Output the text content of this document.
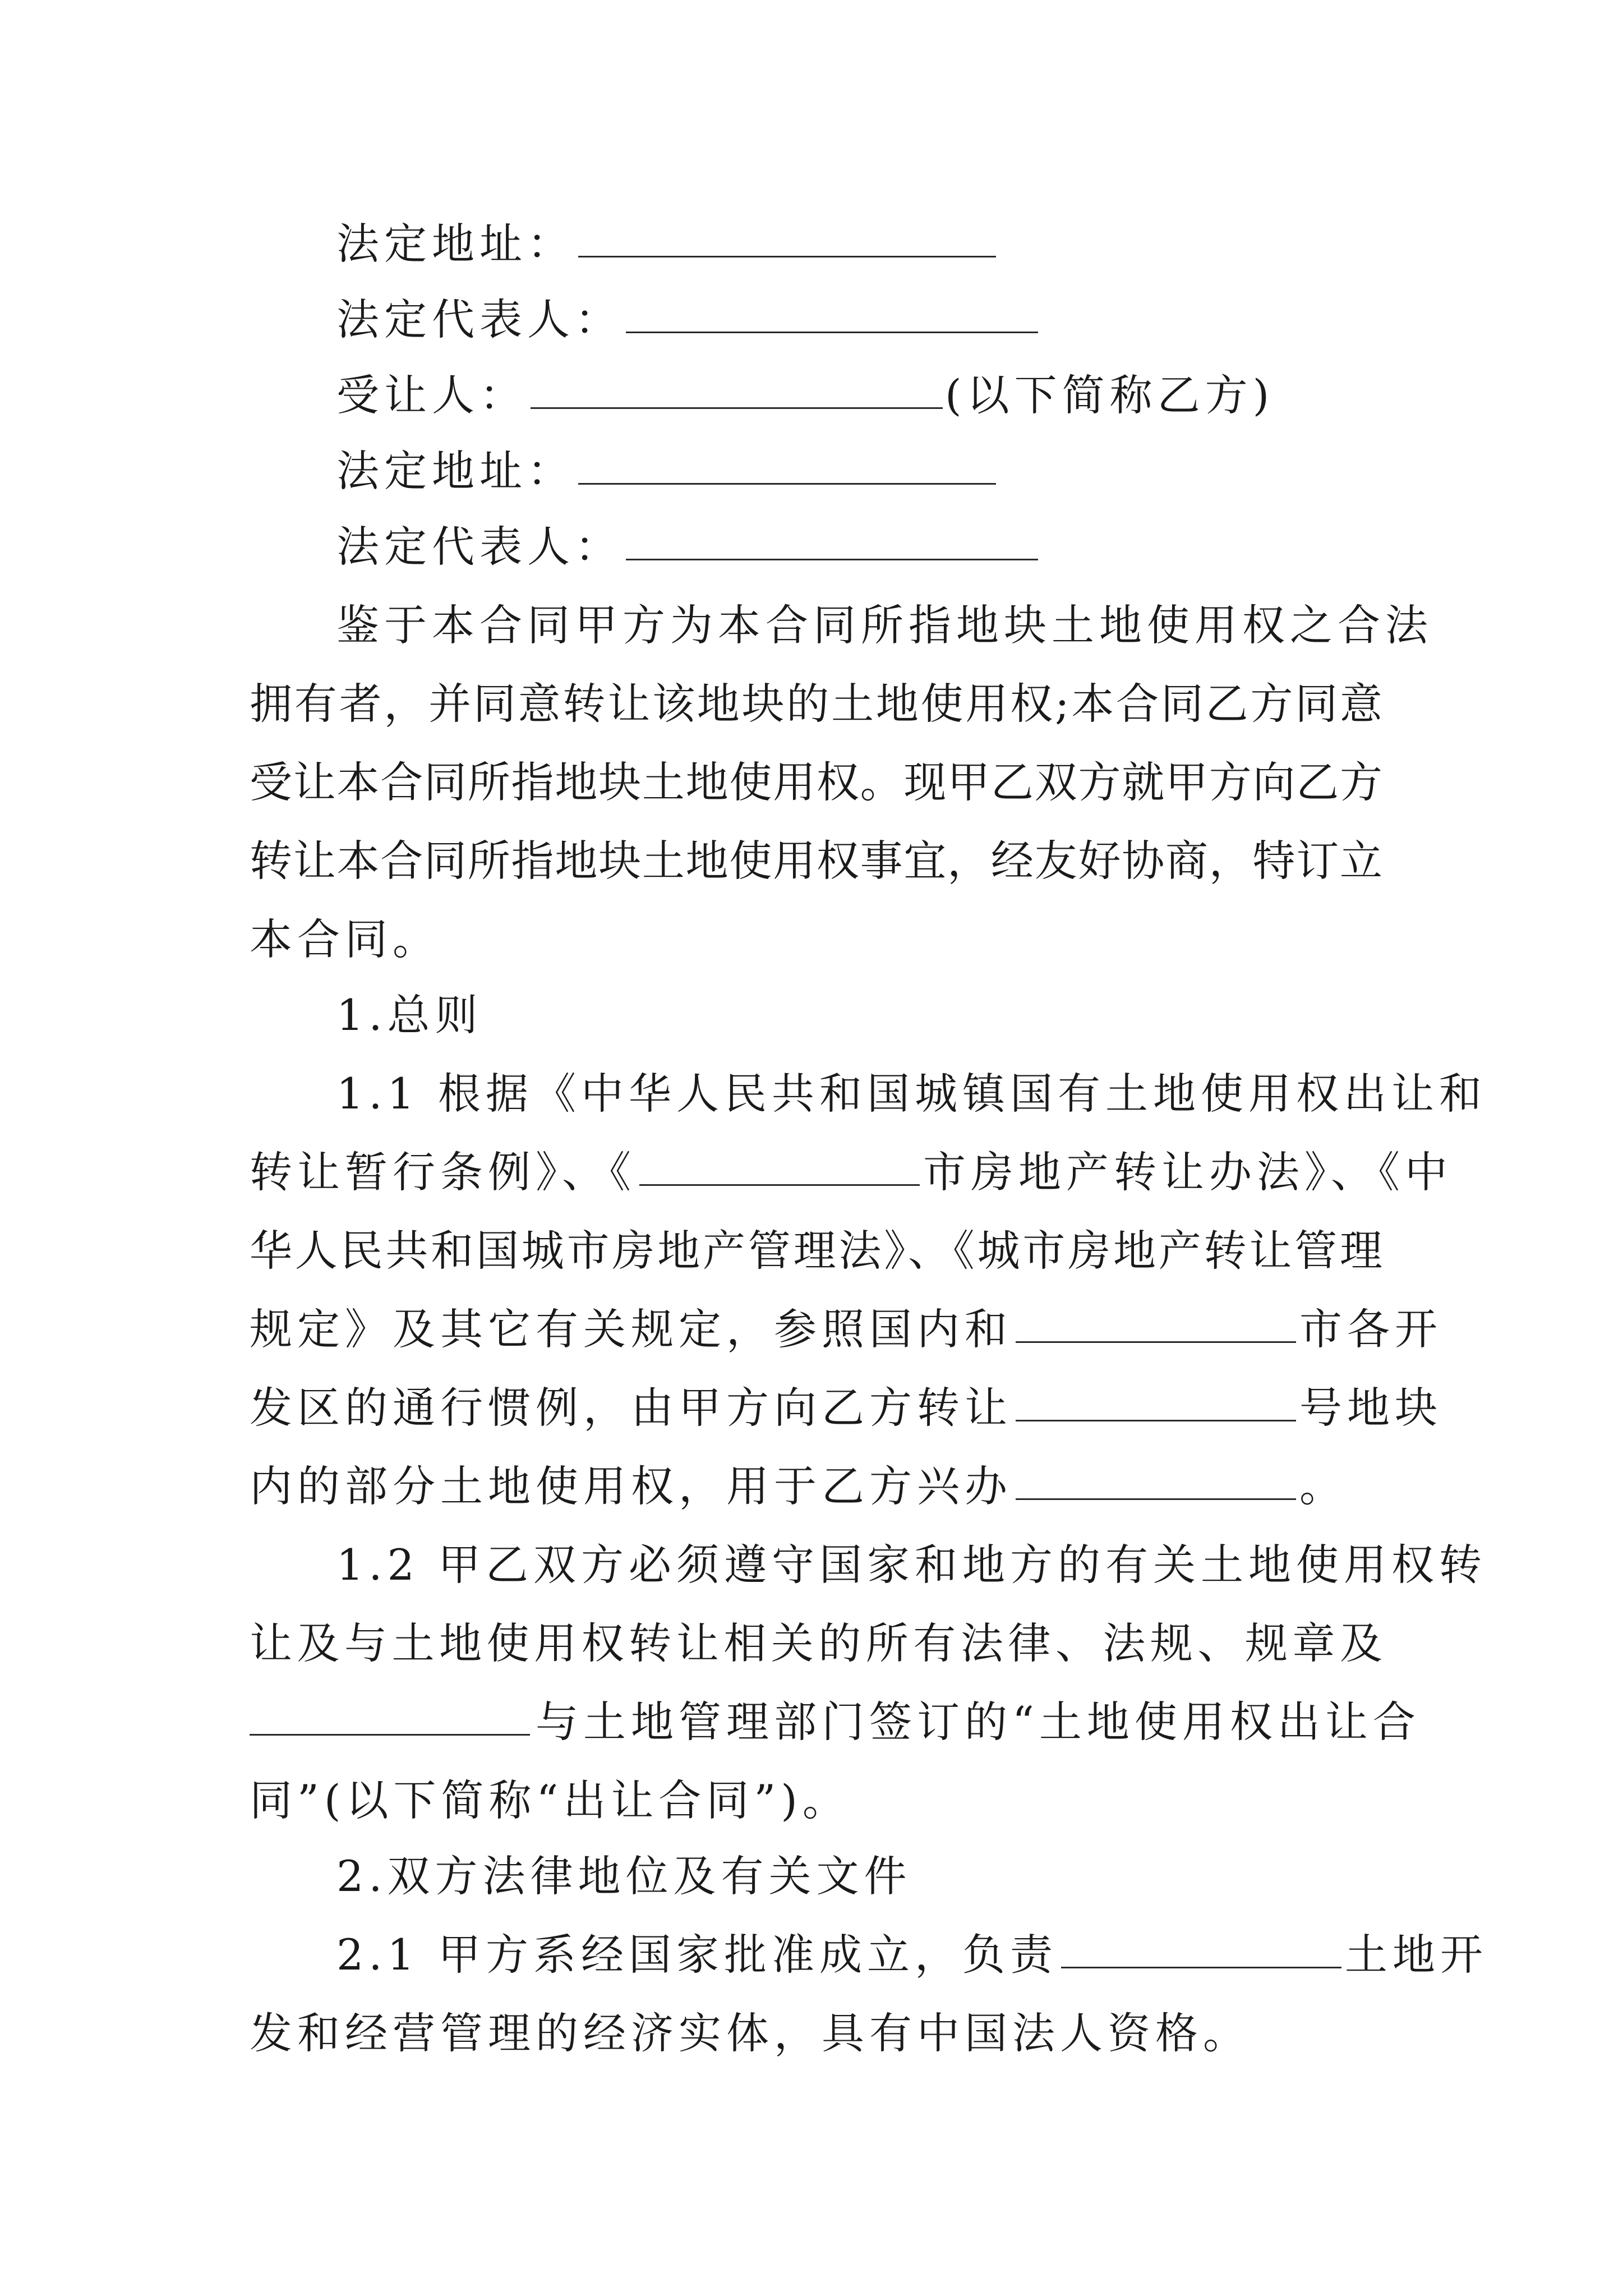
法定地址：

法定代表人：

受让人：	(以下简称乙方)

法定地址：

法定代表人：

鉴于本合同甲方为本合同所指地块土地使用权之合法

拥有者，并同意转让该地块的土地使用权;本合同乙方同意

受让本合同所指地块土地使用权。现甲乙双方就甲方向乙方

转让本合同所指地块土地使用权事宜，经友好协商，特订立

本合同。

1.总则

1.1 根据《中华人民共和国城镇国有土地使用权出让和

转让暂行条例》、《	市房地产转让办法》、《中

华人民共和国城市房地产管理法》、《城市房地产转让管理

规定》及其它有关规定，参照国内和	市各开

发区的通行惯例，由甲方向乙方转让	号地块

内的部分土地使用权，用于乙方兴办	。

1.2 甲乙双方必须遵守国家和地方的有关土地使用权转

让及与土地使用权转让相关的所有法律、法规、规章及

与土地管理部门签订的“土地使用权出让合

同”(以下简称“出让合同”)。

2.双方法律地位及有关文件

2.1 甲方系经国家批准成立，负责	土地开

发和经营管理的经济实体，具有中国法人资格。
